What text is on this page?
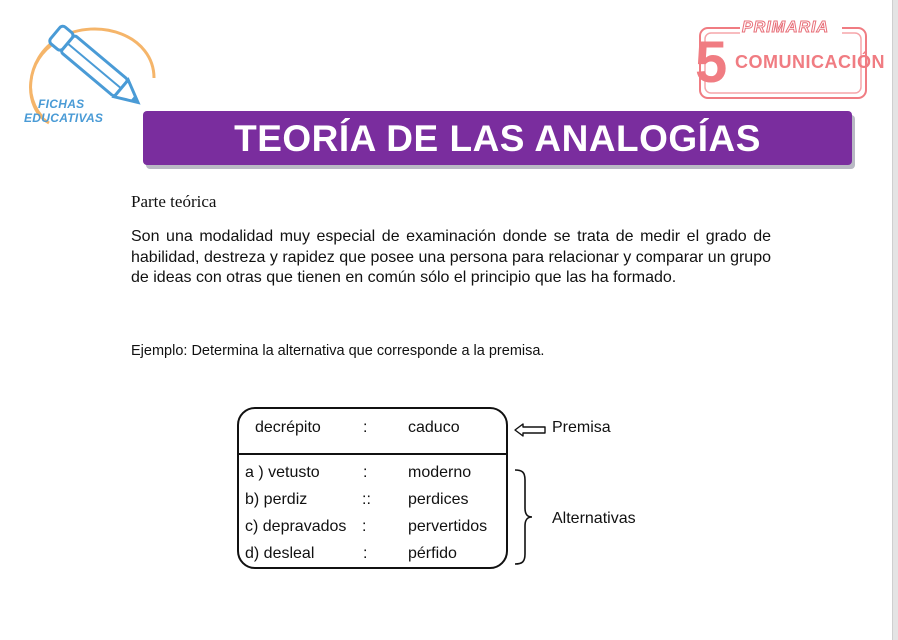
FICHAS
EDUCATIVAS
PRIMARIA
5 COMUNICACIÓN
TEORÍA DE LAS ANALOGÍAS
Parte teórica
Son una modalidad muy especial de examinación donde se trata de medir el grado de habilidad, destreza y rapidez que posee una persona para relacionar y comparar un grupo de ideas con otras que tienen en común sólo el principio que las ha formado.
Ejemplo: Determina la alternativa que corresponde a la premisa.
decrépito	:	caduco
a ) vetusto	:	moderno
b) perdiz	:: perdices
c) depravados :	pervertidos
d) desleal	:	pérfido
Premisa
Alternativas
